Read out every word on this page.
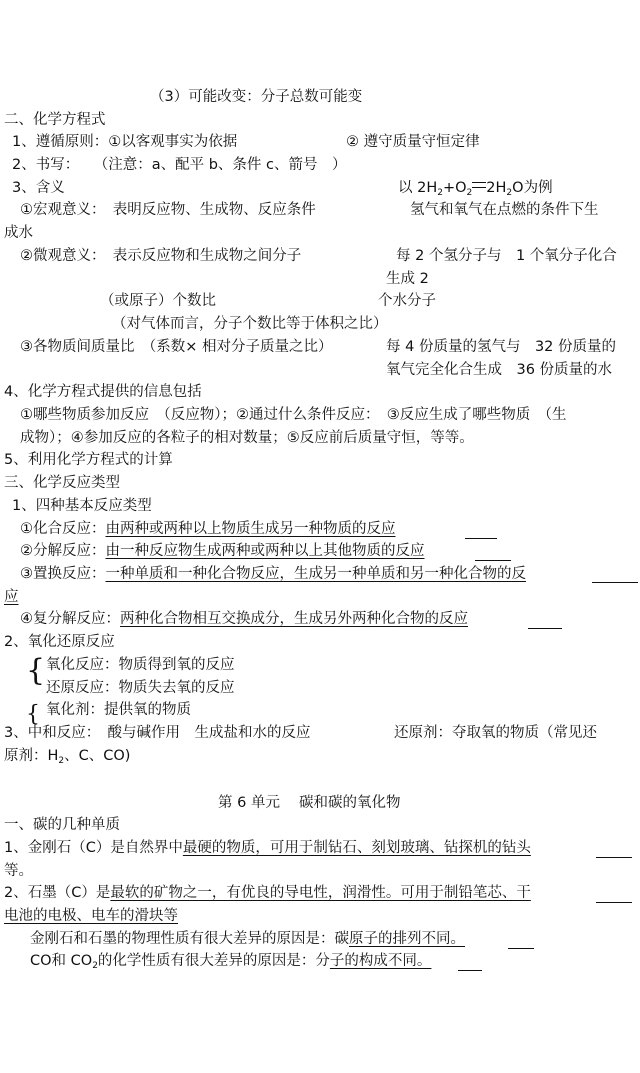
（3）可能改变：分子总数可能变
二、化学方程式
1、遵循原则：①以客观事实为依据	② 遵守质量守恒定律
2、书写：　　（注意：a、配平 b、条件 c、箭号　）
3、含义	以 $2H_2+O_2$ $2H_2O$为例
①宏观意义：　表明反应物、生成物、反应条件	氢气和氧气在点燃的条件下生
成水
②微观意义：　表示反应物和生成物之间分子	每 2 个氢分子与　1 个氧分子化合
生成 2
（或原子）个数比	个水分子
（对气体而言，分子个数比等于体积之比）
③各物质间质量比　（系数× 相对分子质量之比）	每 4 份质量的氢气与　32 份质量的
氧气完全化合生成　36 份质量的水
4、化学方程式提供的信息包括
①哪些物质参加反应　（反应物）；②通过什么条件反应：　③反应生成了哪些物质　（生
成物）；④参加反应的各粒子的相对数量；⑤反应前后质量守恒，等等。
5、利用化学方程式的计算
三、化学反应类型
1、四种基本反应类型
①化合反应：由两种或两种以上物质生成另一种物质的反应
②分解反应：由一种反应物生成两种或两种以上其他物质的反应
③置换反应：一种单质和一种化合物反应，生成另一种单质和另一种化合物的反
应
④复分解反应：两种化合物相互交换成分，生成另外两种化合物的反应
2、氧化还原反应
{ 氧化反应：物质得到氧的反应
还原反应：物质失去氧的反应
{ 氧化剂：提供氧的物质
3、中和反应：　酸与碱作用　生成盐和水的反应	还原剂：夺取氧的物质（常见还
原剂：$H_2$、C、CO)
第 6 单元　 碳和碳的氧化物
一、碳的几种单质
1、金刚石（C）是自然界中最硬的物质，可用于制钻石、刻划玻璃、钻探机的钻头
等。
2、石墨（C）是最软的矿物之一，有优良的导电性，润滑性。可用于制铅笔芯、干
电池的电极、电车的滑块等
金刚石和石墨的物理性质有很大差异的原因是：碳原子的排列不同。
CO和 $CO_2$的化学性质有很大差异的原因是：分子的构成不同。
